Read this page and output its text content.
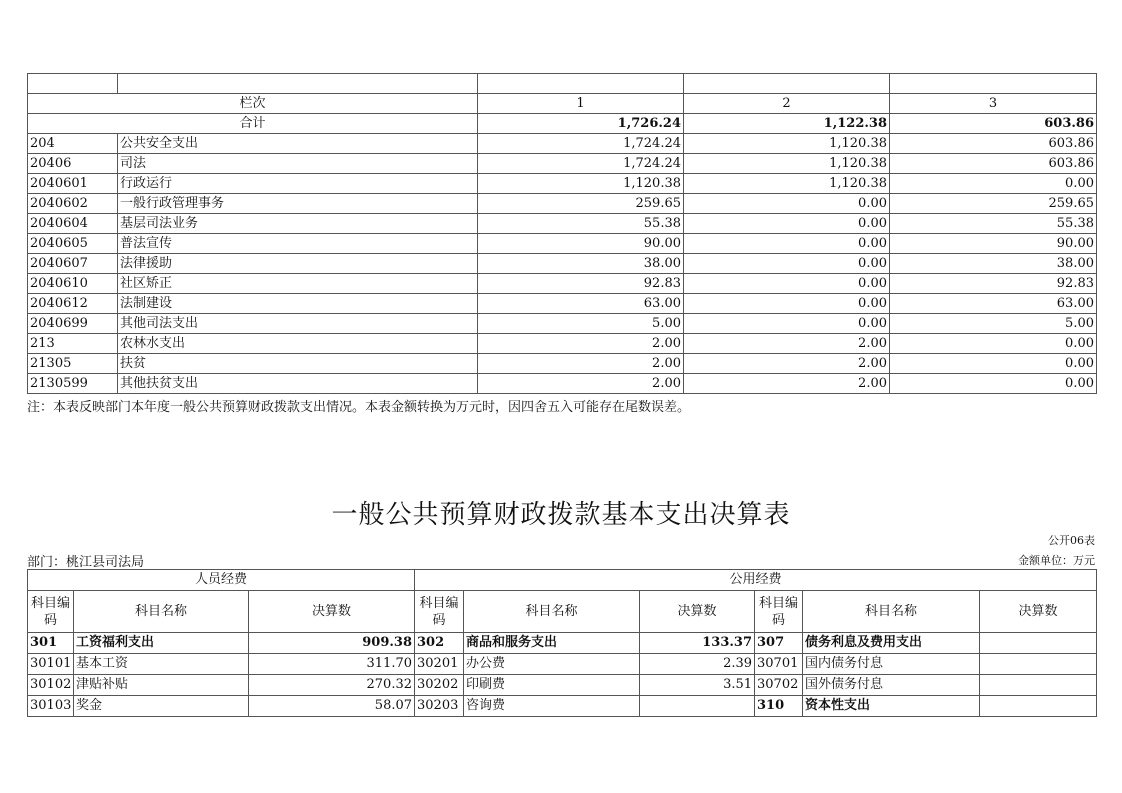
栏次		1	2	3
合计		1,726.24	1,122.38	603.86
204	公共安全支出	1,724.24	1,120.38	603.86
20406	司法	1,724.24	1,120.38	603.86
2040601	行政运行	1,120.38	1,120.38	0.00
2040602	一般行政管理事务	259.65	0.00	259.65
2040604	基层司法业务	55.38	0.00	55.38
2040605	普法宣传	90.00	0.00	90.00
2040607	法律援助	38.00	0.00	38.00
2040610	社区矫正	92.83	0.00	92.83
2040612	法制建设	63.00	0.00	63.00
2040699	其他司法支出	5.00	0.00	5.00
213	农林水支出	2.00	2.00	0.00
21305	扶贫	2.00	2.00	0.00
2130599	其他扶贫支出	2.00	2.00	0.00
注：本表反映部门本年度一般公共预算财政拨款支出情况。本表金额转换为万元时，因四舍五入可能存在尾数误差。
一般公共预算财政拨款基本支出决算表
公开06表
部门：桃江县司法局	金额单位：万元
人员经费			公用经费					
科目编码	科目名称	决算数	科目编码	科目名称	决算数	科目编码	科目名称	决算数
301	工资福利支出	909.38	302	商品和服务支出	133.37	307	债务利息及费用支出	
30101	基本工资	311.70	30201	办公费	2.39	30701	国内债务付息	
30102	津贴补贴	270.32	30202	印刷费	3.51	30702	国外债务付息	
30103	奖金	58.07	30203	咨询费		310	资本性支出	
